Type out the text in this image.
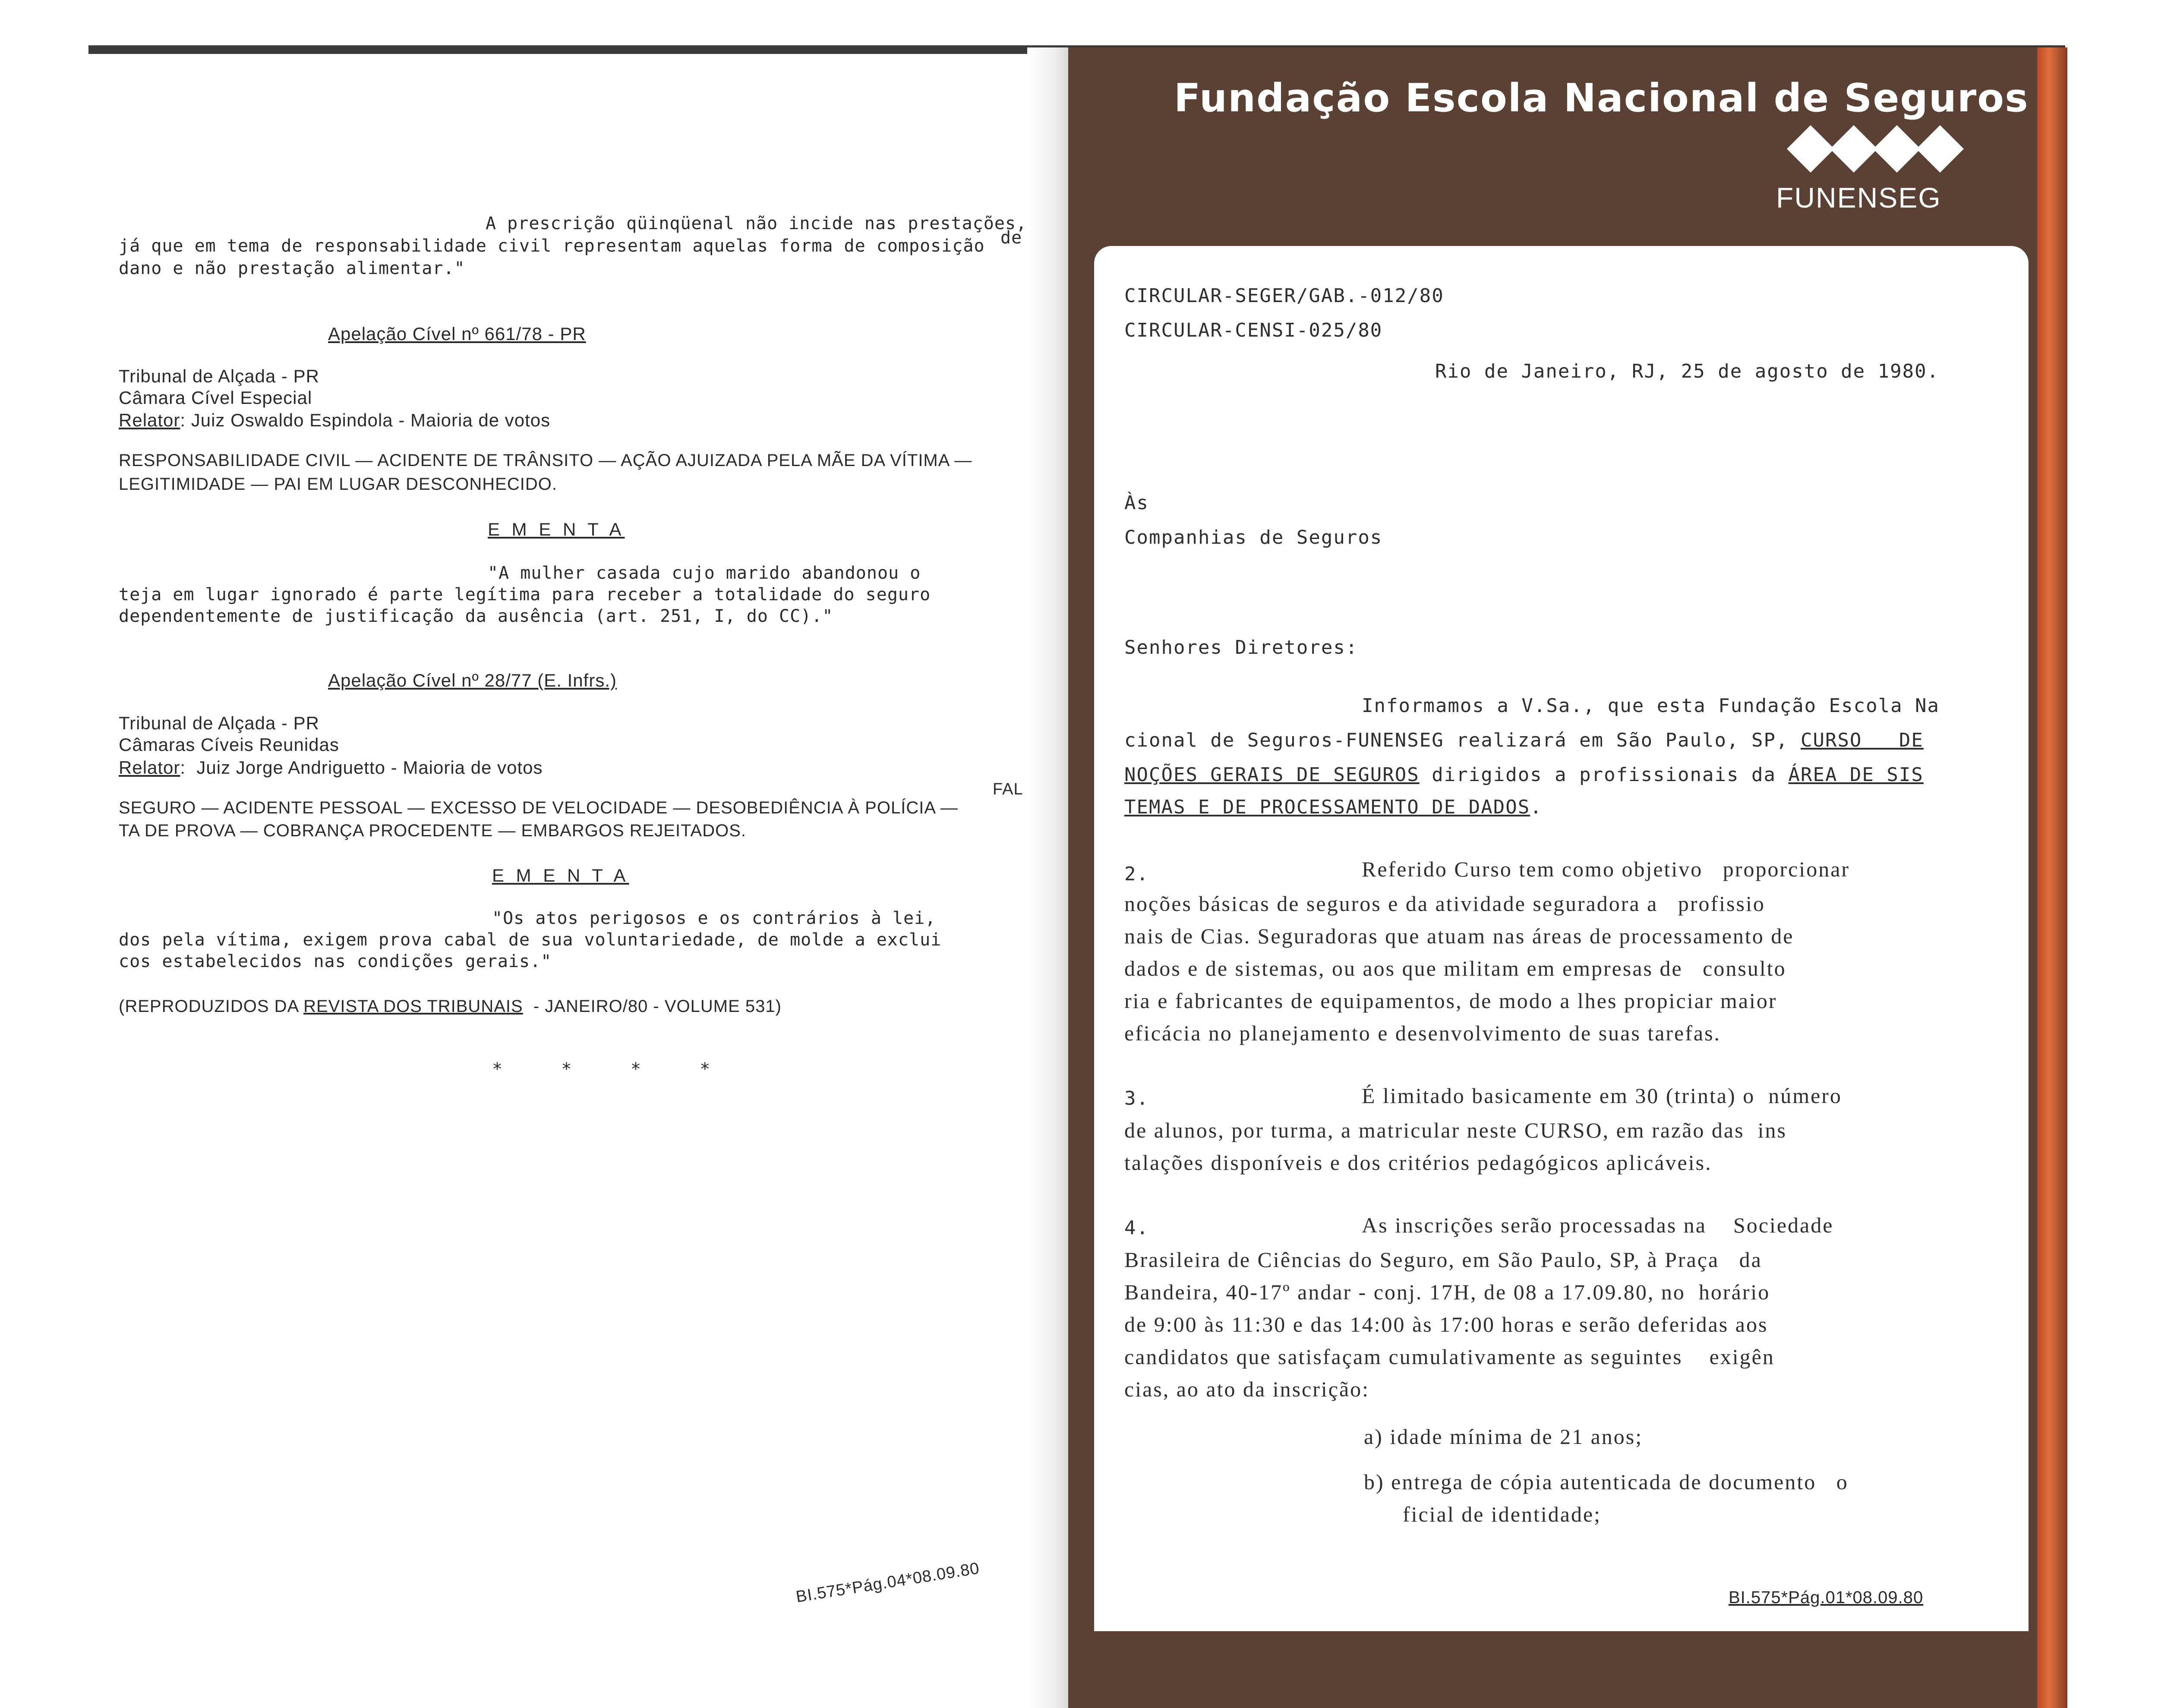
A prescrição qüinqüenal não incide nas prestações,
já que em tema de responsabilidade civil representam aquelas forma de composição de
dano e não prestação alimentar."
Apelação Cível nº 661/78 - PR
Tribunal de Alçada - PR
Câmara Cível Especial
Relator: Juiz Oswaldo Espindola - Maioria de votos
RESPONSABILIDADE CIVIL — ACIDENTE DE TRÂNSITO — AÇÃO AJUIZADA PELA MÃE DA VÍTIMA —
LEGITIMIDADE — PAI EM LUGAR DESCONHECIDO.
E M E N T A
"A mulher casada cujo marido abandonou o
teja em lugar ignorado é parte legítima para receber a totalidade do seguro
dependentemente de justificação da ausência (art. 251, I, do CC)."
Apelação Cível nº 28/77 (E. Infrs.)
Tribunal de Alçada - PR
Câmaras Cíveis Reunidas
Relator:  Juiz Jorge Andriguetto - Maioria de votos
SEGURO — ACIDENTE PESSOAL — EXCESSO DE VELOCIDADE — DESOBEDIÊNCIA À POLÍCIA —
FAL
TA DE PROVA — COBRANÇA PROCEDENTE — EMBARGOS REJEITADOS.
E M E N T A
"Os atos perigosos e os contrários à lei,
dos pela vítima, exigem prova cabal de sua voluntariedade, de molde a exclui
cos estabelecidos nas condições gerais."
(REPRODUZIDOS DA REVISTA DOS TRIBUNAIS  - JANEIRO/80 - VOLUME 531)
*    *    *    *
BI.575*Pág.04*08.09.80
Fundação Escola Nacional de Seguros
FUNENSEG
CIRCULAR-SEGER/GAB.-012/80
CIRCULAR-CENSI-025/80
Rio de Janeiro, RJ, 25 de agosto de 1980.
Às
Companhias de Seguros
Senhores Diretores:
Informamos a V.Sa., que esta Fundação Escola Na
cional de Seguros-FUNENSEG realizará em São Paulo, SP, CURSO   DE
NOÇÕES GERAIS DE SEGUROS dirigidos a profissionais da ÁREA DE SIS
TEMAS E DE PROCESSAMENTO DE DADOS.
2.	Referido Curso tem como objetivo   proporcionar
noções básicas de seguros e da atividade seguradora a   profissio
nais de Cias. Seguradoras que atuam nas áreas de processamento de
dados e de sistemas, ou aos que militam em empresas de   consulto
ria e fabricantes de equipamentos, de modo a lhes propiciar maior
eficácia no planejamento e desenvolvimento de suas tarefas.
3.	É limitado basicamente em 30 (trinta) o  número
de alunos, por turma, a matricular neste CURSO, em razão das  ins
talações disponíveis e dos critérios pedagógicos aplicáveis.
4.	As inscrições serão processadas na    Sociedade
Brasileira de Ciências do Seguro, em São Paulo, SP, à Praça   da
Bandeira, 40-17º andar - conj. 17H, de 08 a 17.09.80, no  horário
de 9:00 às 11:30 e das 14:00 às 17:00 horas e serão deferidas aos
candidatos que satisfaçam cumulativamente as seguintes    exigên
cias, ao ato da inscrição:
a) idade mínima de 21 anos;
b) entrega de cópia autenticada de documento   o
ficial de identidade;
BI.575*Pág.01*08.09.80
